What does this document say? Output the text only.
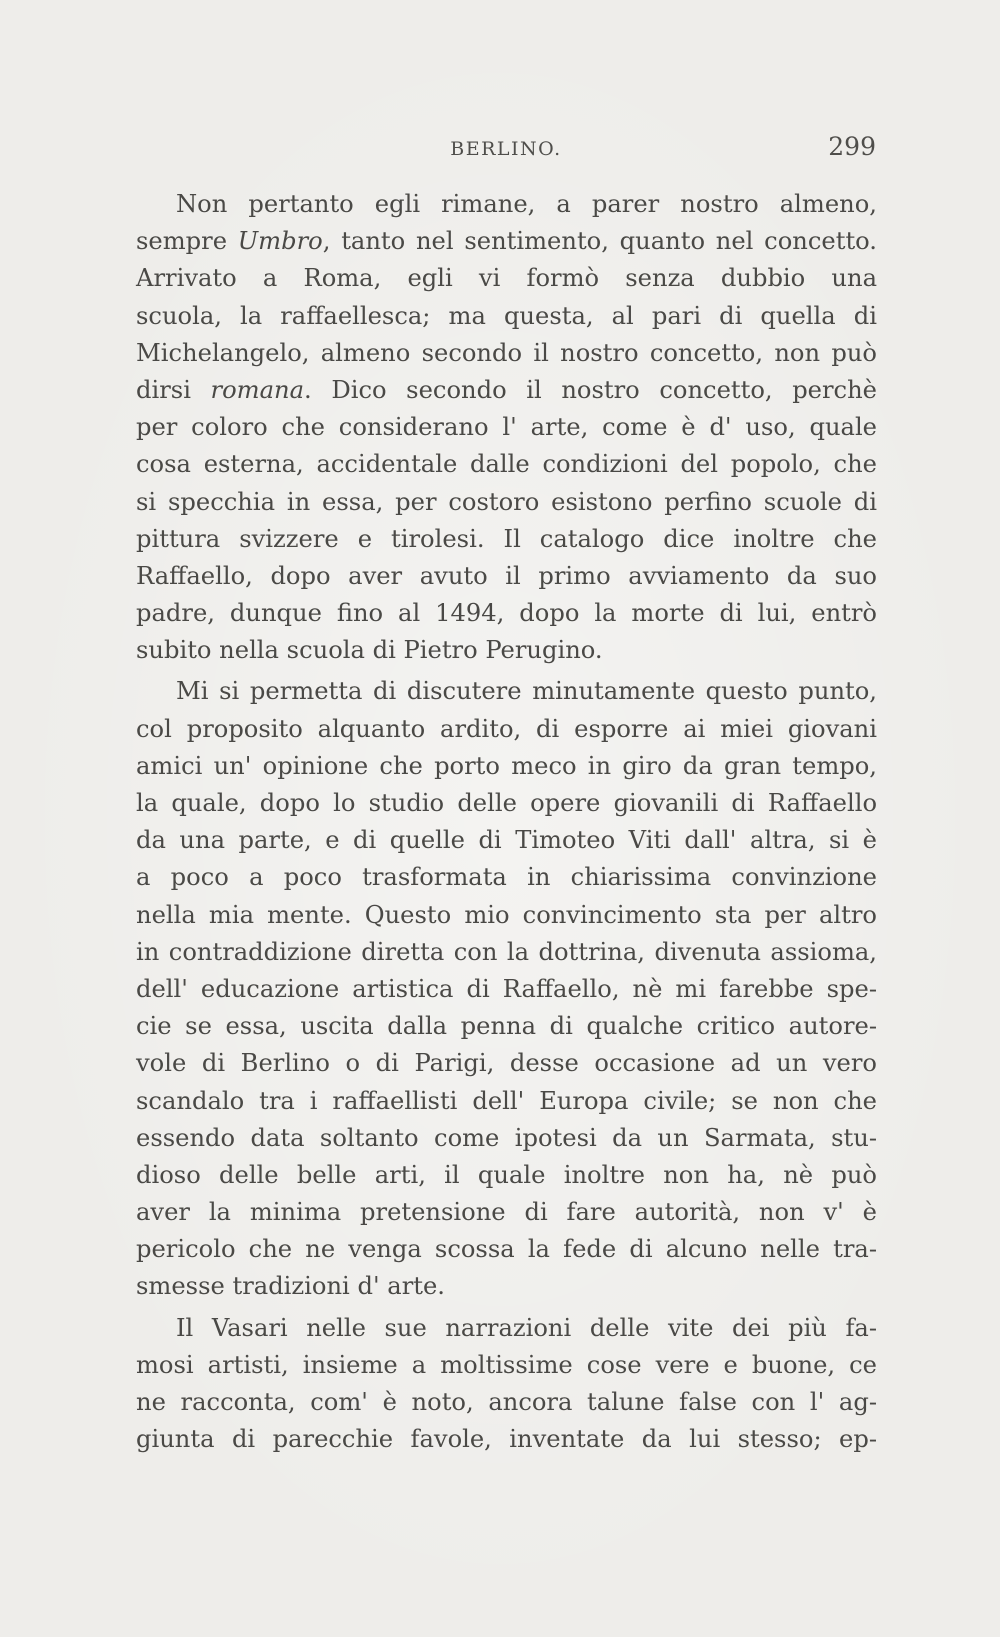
BERLINO.	299
Non pertanto egli rimane, a parer nostro almeno,
sempre Umbro, tanto nel sentimento, quanto nel concetto.
Arrivato a Roma, egli vi formò senza dubbio una
scuola, la raffaellesca; ma questa, al pari di quella di
Michelangelo, almeno secondo il nostro concetto, non può
dirsi romana. Dico secondo il nostro concetto, perchè
per coloro che considerano l' arte, come è d' uso, quale
cosa esterna, accidentale dalle condizioni del popolo, che
si specchia in essa, per costoro esistono perfino scuole di
pittura svizzere e tirolesi. Il catalogo dice inoltre che
Raffaello, dopo aver avuto il primo avviamento da suo
padre, dunque fino al 1494, dopo la morte di lui, entrò
subito nella scuola di Pietro Perugino.
Mi si permetta di discutere minutamente questo punto,
col proposito alquanto ardito, di esporre ai miei giovani
amici un' opinione che porto meco in giro da gran tempo,
la quale, dopo lo studio delle opere giovanili di Raffaello
da una parte, e di quelle di Timoteo Viti dall' altra, si è
a poco a poco trasformata in chiarissima convinzione
nella mia mente. Questo mio convincimento sta per altro
in contraddizione diretta con la dottrina, divenuta assioma,
dell' educazione artistica di Raffaello, nè mi farebbe spe-
cie se essa, uscita dalla penna di qualche critico autore-
vole di Berlino o di Parigi, desse occasione ad un vero
scandalo tra i raffaellisti dell' Europa civile; se non che
essendo data soltanto come ipotesi da un Sarmata, stu-
dioso delle belle arti, il quale inoltre non ha, nè può
aver la minima pretensione di fare autorità, non v' è
pericolo che ne venga scossa la fede di alcuno nelle tra-
smesse tradizioni d' arte.
Il Vasari nelle sue narrazioni delle vite dei più fa-
mosi artisti, insieme a moltissime cose vere e buone, ce
ne racconta, com' è noto, ancora talune false con l' ag-
giunta di parecchie favole, inventate da lui stesso; ep-
